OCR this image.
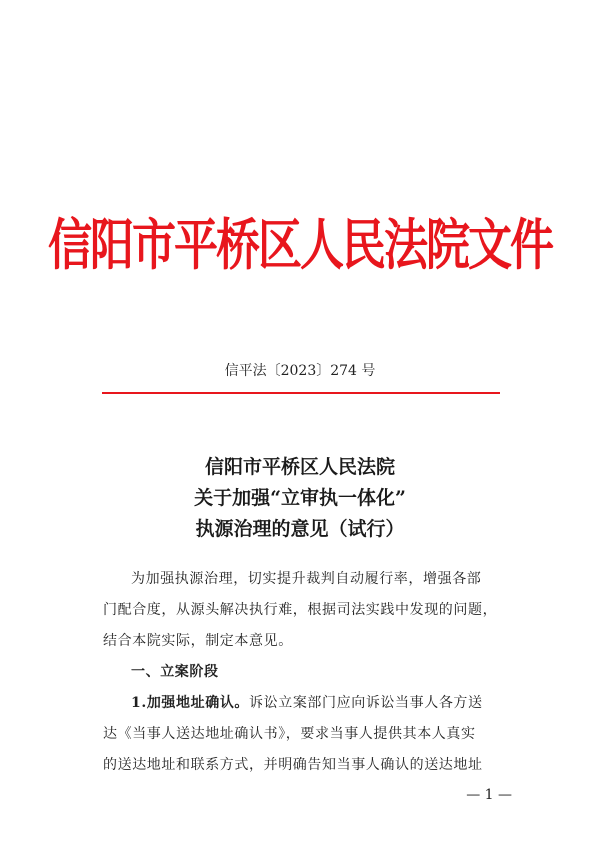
信阳市平桥区人民法院文件
信平法〔2023〕274 号
信阳市平桥区人民法院
关于加强“立审执一体化”
执源治理的意见（试行）
为加强执源治理，切实提升裁判自动履行率，增强各部
门配合度，从源头解决执行难，根据司法实践中发现的问题，
结合本院实际，制定本意见。
一、立案阶段
1.加强地址确认。诉讼立案部门应向诉讼当事人各方送
达《当事人送达地址确认书》，要求当事人提供其本人真实
的送达地址和联系方式，并明确告知当事人确认的送达地址
— 1 —
